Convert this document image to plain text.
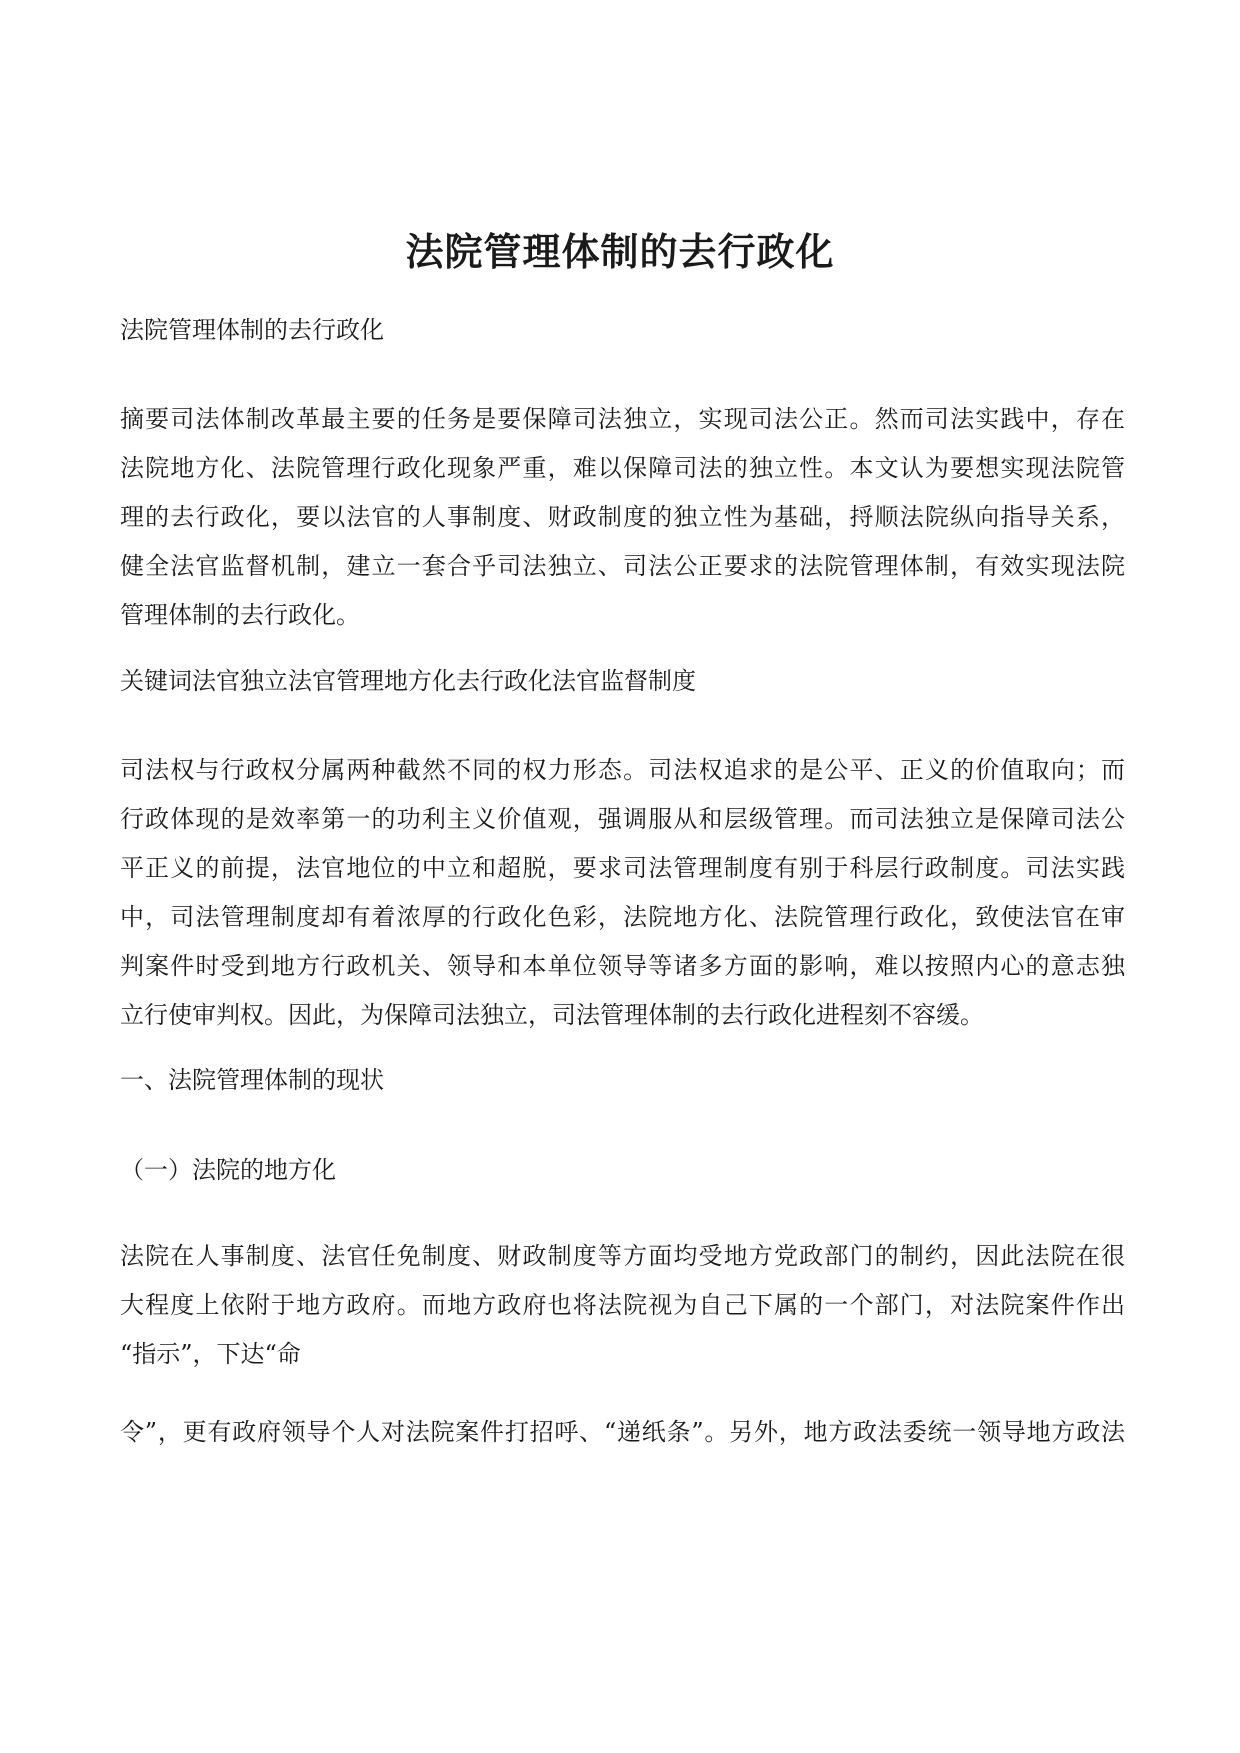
法院管理体制的去行政化

法院管理体制的去行政化

摘要司法体制改革最主要的任务是要保障司法独立，实现司法公正。然而司法实践中，存在
法院地方化、法院管理行政化现象严重，难以保障司法的独立性。本文认为要想实现法院管
理的去行政化，要以法官的人事制度、财政制度的独立性为基础，捋顺法院纵向指导关系，
健全法官监督机制，建立一套合乎司法独立、司法公正要求的法院管理体制，有效实现法院
管理体制的去行政化。

关键词法官独立法官管理地方化去行政化法官监督制度

司法权与行政权分属两种截然不同的权力形态。司法权追求的是公平、正义的价值取向；而
行政体现的是效率第一的功利主义价值观，强调服从和层级管理。而司法独立是保障司法公
平正义的前提，法官地位的中立和超脱，要求司法管理制度有别于科层行政制度。司法实践
中，司法管理制度却有着浓厚的行政化色彩，法院地方化、法院管理行政化，致使法官在审
判案件时受到地方行政机关、领导和本单位领导等诸多方面的影响，难以按照内心的意志独
立行使审判权。因此，为保障司法独立，司法管理体制的去行政化进程刻不容缓。

一、法院管理体制的现状

（一）法院的地方化

法院在人事制度、法官任免制度、财政制度等方面均受地方党政部门的制约，因此法院在很
大程度上依附于地方政府。而地方政府也将法院视为自己下属的一个部门，对法院案件作出
“指示”，下达“命
令”，更有政府领导个人对法院案件打招呼、“递纸条”。另外，地方政法委统一领导地方政法
